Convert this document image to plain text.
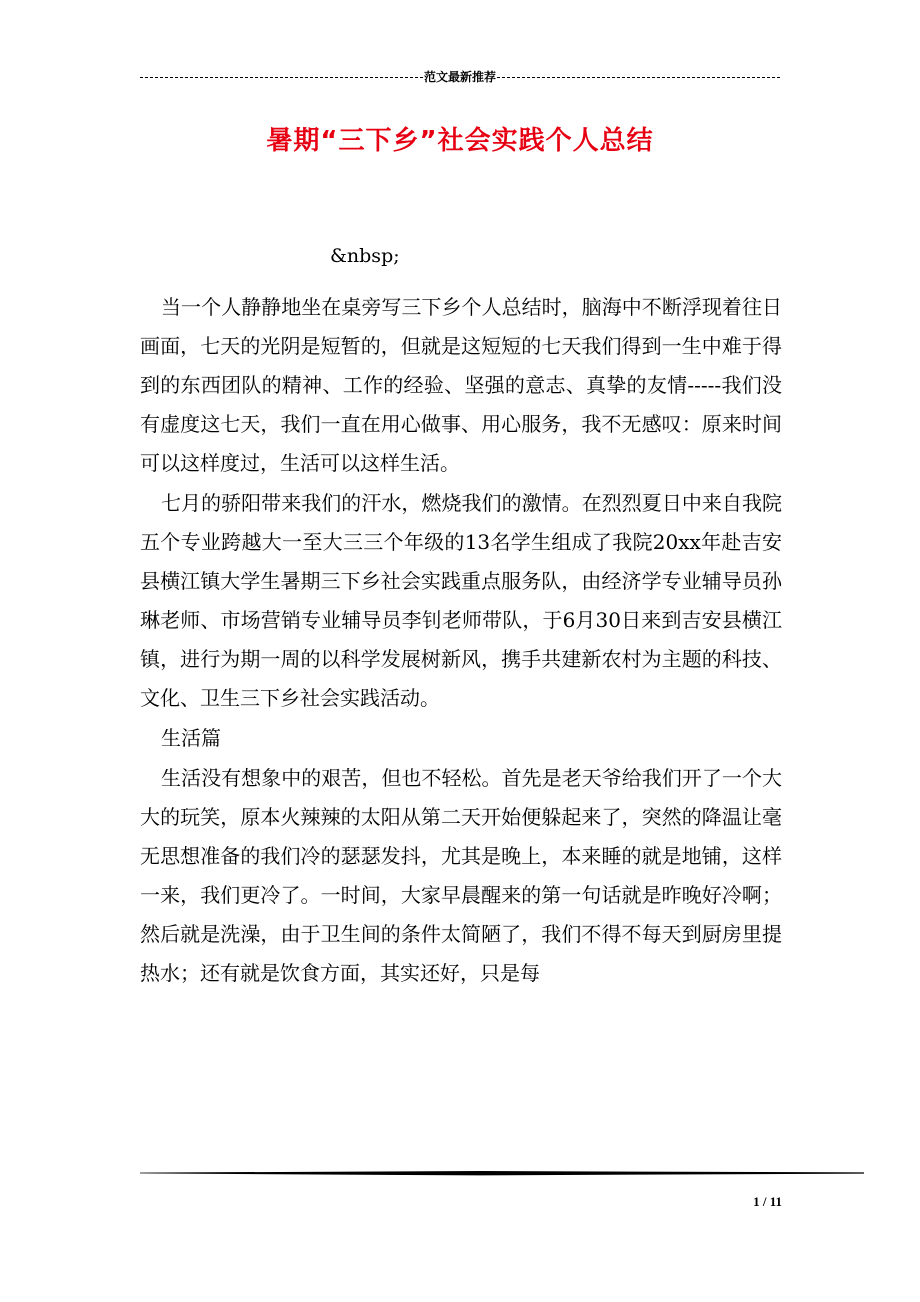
范文最新推荐
暑期“三下乡”社会实践个人总结
&nbsp;

当一个人静静地坐在桌旁写三下乡个人总结时，脑海中不断浮现着往日画面，七天的光阴是短暂的，但就是这短短的七天我们得到一生中难于得到的东西团队的精神、工作的经验、坚强的意志、真挚的友情-----我们没有虚度这七天，我们一直在用心做事、用心服务，我不无感叹：原来时间可以这样度过，生活可以这样生活。

七月的骄阳带来我们的汗水，燃烧我们的激情。在烈烈夏日中来自我院五个专业跨越大一至大三三个年级的13名学生组成了我院20xx年赴吉安县横江镇大学生暑期三下乡社会实践重点服务队，由经济学专业辅导员孙琳老师、市场营销专业辅导员李钊老师带队，于6月30日来到吉安县横江镇，进行为期一周的以科学发展树新风，携手共建新农村为主题的科技、文化、卫生三下乡社会实践活动。

生活篇

生活没有想象中的艰苦，但也不轻松。首先是老天爷给我们开了一个大大的玩笑，原本火辣辣的太阳从第二天开始便躲起来了，突然的降温让毫无思想准备的我们冷的瑟瑟发抖，尤其是晚上，本来睡的就是地铺，这样一来，我们更冷了。一时间，大家早晨醒来的第一句话就是昨晚好冷啊；然后就是洗澡，由于卫生间的条件太简陋了，我们不得不每天到厨房里提热水；还有就是饮食方面，其实还好，只是每

1 / 11
